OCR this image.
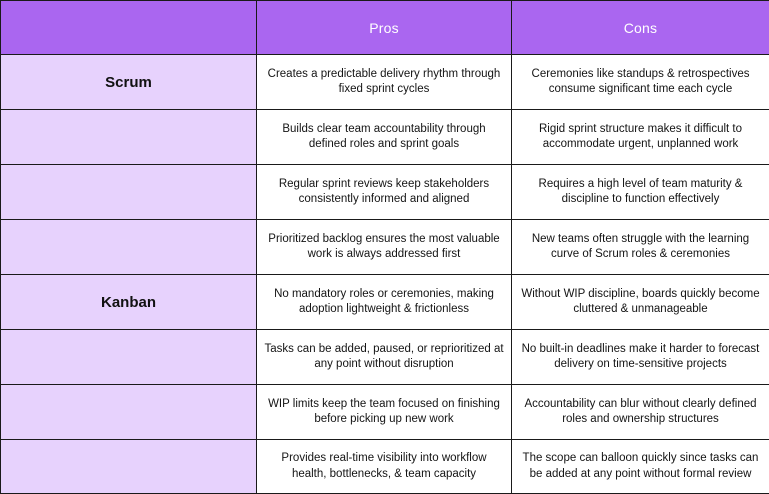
	Pros	Cons
Scrum	Creates a predictable delivery rhythm through fixed sprint cycles	Ceremonies like standups & retrospectives consume significant time each cycle
	Builds clear team accountability through defined roles and sprint goals	Rigid sprint structure makes it difficult to accommodate urgent, unplanned work
	Regular sprint reviews keep stakeholders consistently informed and aligned	Requires a high level of team maturity & discipline to function effectively
	Prioritized backlog ensures the most valuable work is always addressed first	New teams often struggle with the learning curve of Scrum roles & ceremonies
Kanban	No mandatory roles or ceremonies, making adoption lightweight & frictionless	Without WIP discipline, boards quickly become cluttered & unmanageable
	Tasks can be added, paused, or reprioritized at any point without disruption	No built-in deadlines make it harder to forecast delivery on time-sensitive projects
	WIP limits keep the team focused on finishing before picking up new work	Accountability can blur without clearly defined roles and ownership structures
	Provides real-time visibility into workflow health, bottlenecks, & team capacity	The scope can balloon quickly since tasks can be added at any point without formal review
